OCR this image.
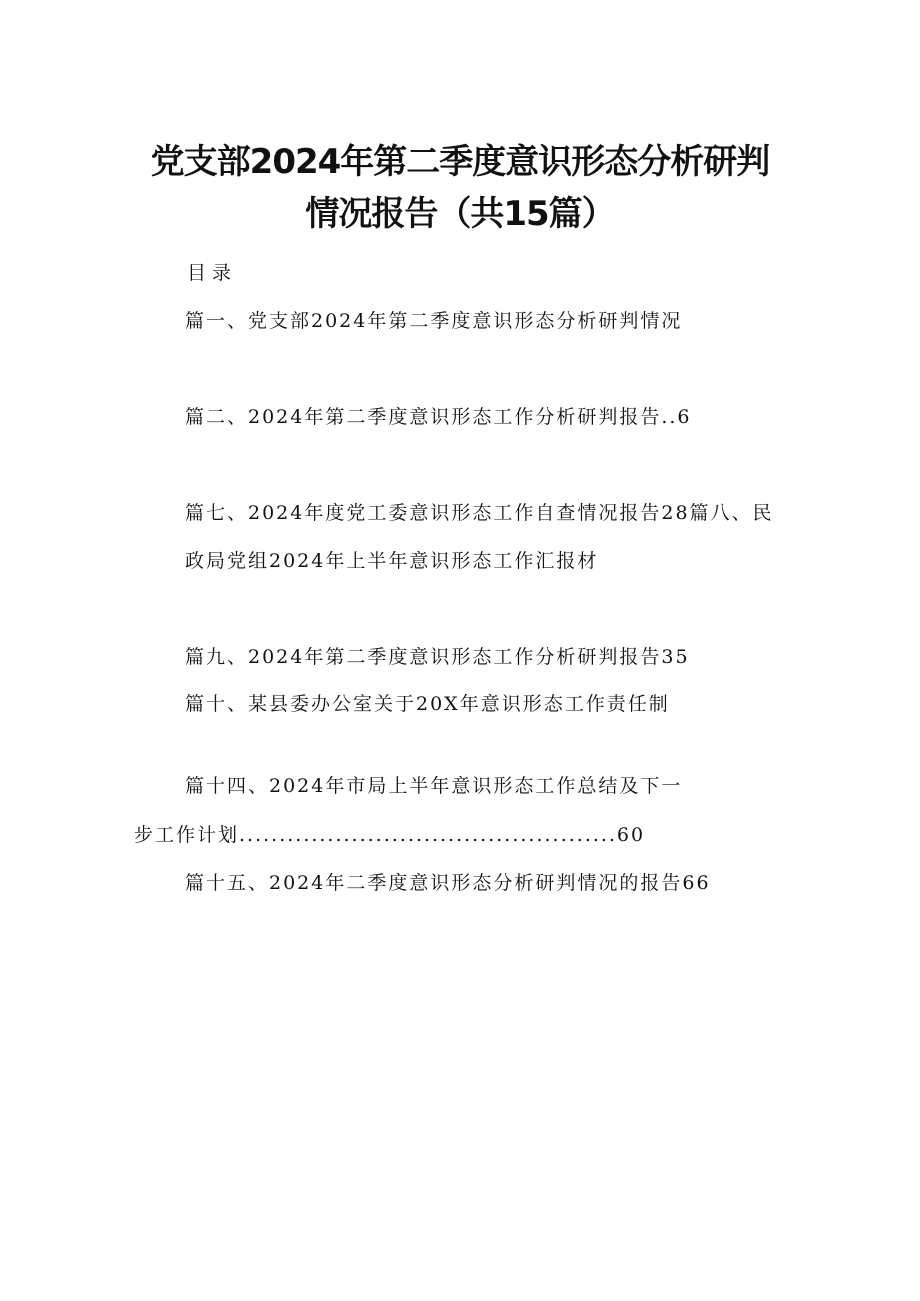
党支部2024年第二季度意识形态分析研判
情况报告（共15篇）

目录

篇一、党支部2024年第二季度意识形态分析研判情况

篇二、2024年第二季度意识形态工作分析研判报告..6

篇七、2024年度党工委意识形态工作自查情况报告28篇八、民

政局党组2024年上半年意识形态工作汇报材

篇九、2024年第二季度意识形态工作分析研判报告35

篇十、某县委办公室关于20X年意识形态工作责任制

篇十四、2024年市局上半年意识形态工作总结及下一

步工作计划...............................................60

篇十五、2024年二季度意识形态分析研判情况的报告66
